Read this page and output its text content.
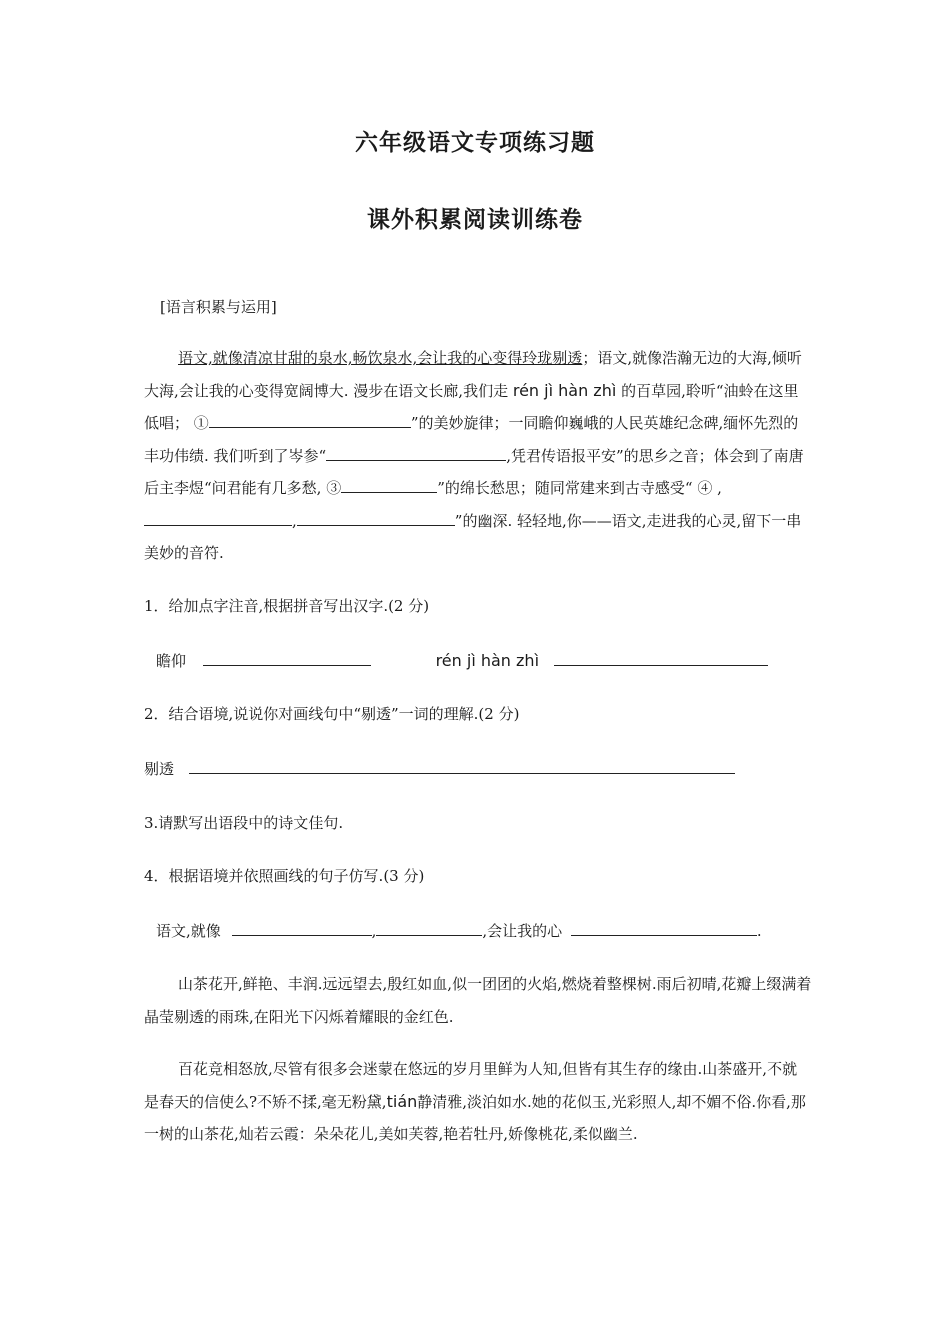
六年级语文专项练习题
课外积累阅读训练卷
[语言积累与运用]
语文,就像清凉甘甜的泉水,畅饮泉水,会让我的心变得玲珑剔透；语文,就像浩瀚无边的大海,倾听大海,会让我的心变得宽阔博大. 漫步在语文长廊,我们走 rén jì hàn zhì 的百草园,聆听“油蛉在这里低唱； ①	”的美妙旋律；一同瞻仰巍峨的人民英雄纪念碑,缅怀先烈的丰功伟绩. 我们听到了岑参“	,凭君传语报平安”的思乡之音；体会到了南唐后主李煜“问君能有几多愁, ③	”的绵长愁思；随同常建来到古寺感受“ ④ ,,	”的幽深. 轻轻地,你——语文,走进我的心灵,留下一串美妙的音符.
1．给加点字注音,根据拼音写出汉字.(2 分)
瞻仰	rén jì hàn zhì
2．结合语境,说说你对画线句中“剔透”一词的理解.(2 分)
剔透
3.请默写出语段中的诗文佳句.
4．根据语境并依照画线的句子仿写.(3 分)
语文,就像	,	,会让我的心	.
山茶花开,鲜艳、丰润.远远望去,殷红如血,似一团团的火焰,燃烧着整棵树.雨后初晴,花瓣上缀满着晶莹剔透的雨珠,在阳光下闪烁着耀眼的金红色.
百花竞相怒放,尽管有很多会迷蒙在悠远的岁月里鲜为人知,但皆有其生存的缘由.山茶盛开,不就是春天的信使么?不矫不揉,毫无粉黛,tián静清雅,淡泊如水.她的花似玉,光彩照人,却不媚不俗.你看,那一树的山茶花,灿若云霞：朵朵花儿,美如芙蓉,艳若牡丹,娇像桃花,柔似幽兰.
